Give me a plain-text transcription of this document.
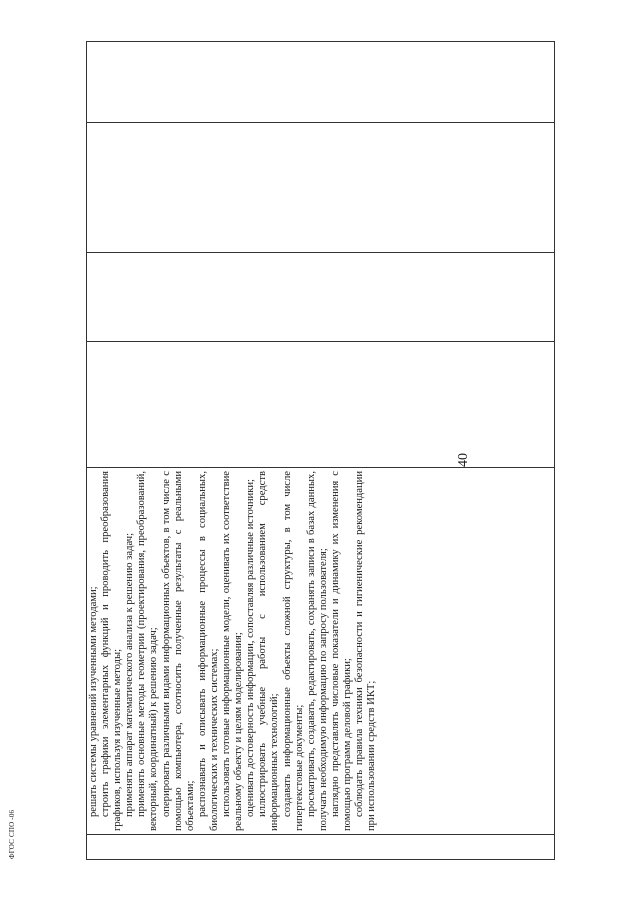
40
ФГОС СПО -06

решать системы уравнений изученными методами; строить графики элементарных функций и проводить преобразования графиков, используя изученные методы; применять аппарат математического анализа к решению задач; применять основные методы геометрии (проектирования, преобразований, векторный, координатный) к решению задач; оперировать различными видами информационных объектов, в том числе с помощью компьютера, соотносить полученные результаты с реальными объектами; распознавать и описывать информационные процессы в социальных, биологических и технических системах; использовать готовые информационные модели, оценивать их соответствие реальному объекту и целям моделирования; оценивать достоверность информации, сопоставляя различные источники; иллюстрировать учебные работы с использованием средств информационных технологий; создавать информационные объекты сложной структуры, в том числе гипертекстовые документы; просматривать, создавать, редактировать, сохранять записи в базах данных, получать необходимую информацию по запросу пользователя; наглядно представлять числовые показатели и динамику их изменения с помощью программ деловой графики; соблюдать правила техники безопасности и гигиенические рекомендации при использовании средств ИКТ;
